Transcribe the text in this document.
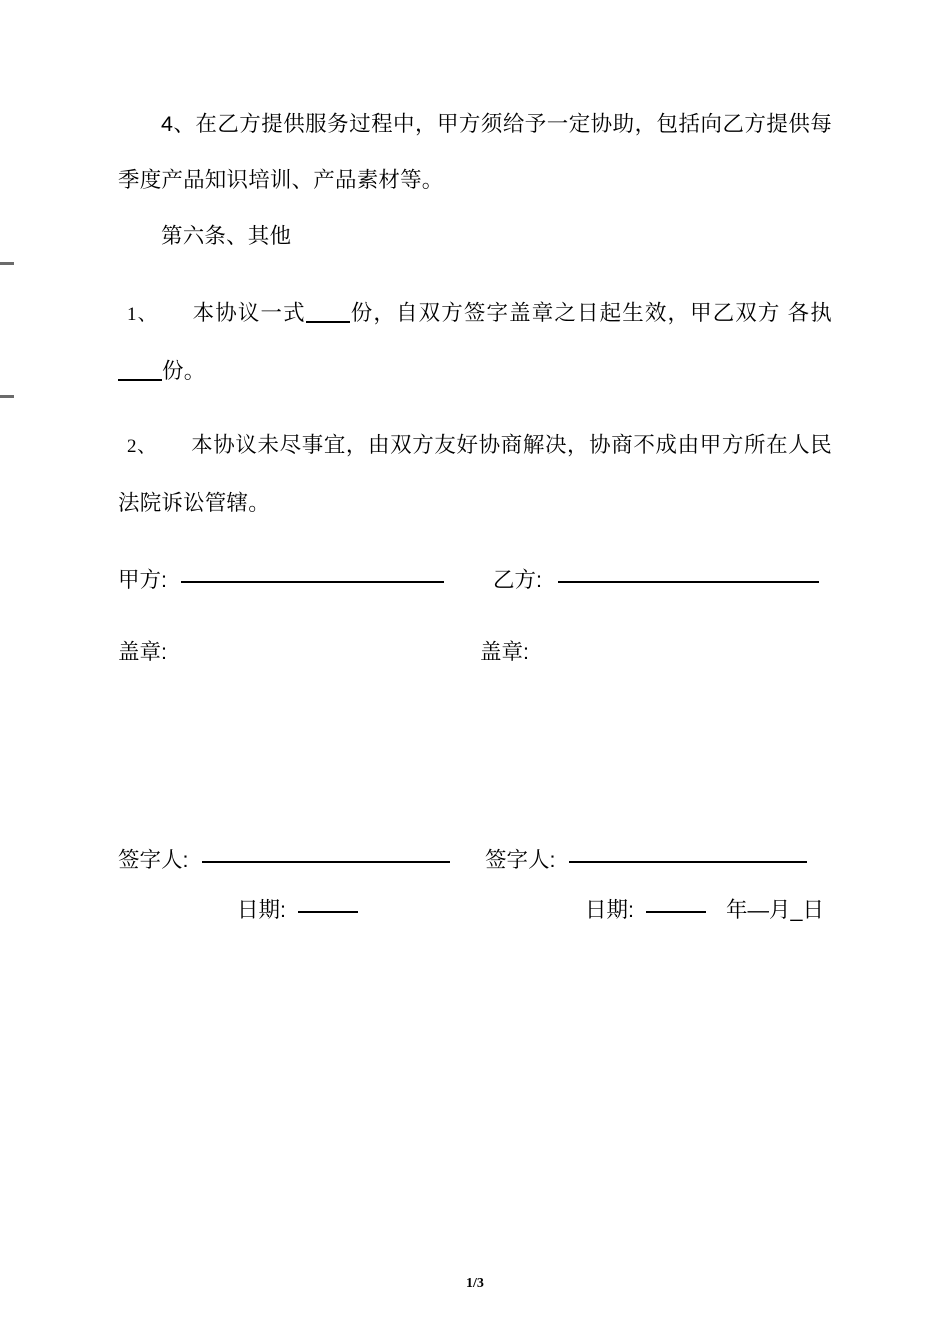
4、在乙方提供服务过程中，甲方须给予一定协助，包括向乙方提供每季度产品知识培训、产品素材等。

第六条、其他

1、 本协议一式 份，自双方签字盖章之日起生效，甲乙双方 各执份。

2、 本协议未尽事宜，由双方友好协商解决，协商不成由甲方所在人民法院诉讼管辖。

甲方:	乙方:
盖章:	盖章:
签字人:	签字人:
日期:	日期:	年—月_日
1/3
